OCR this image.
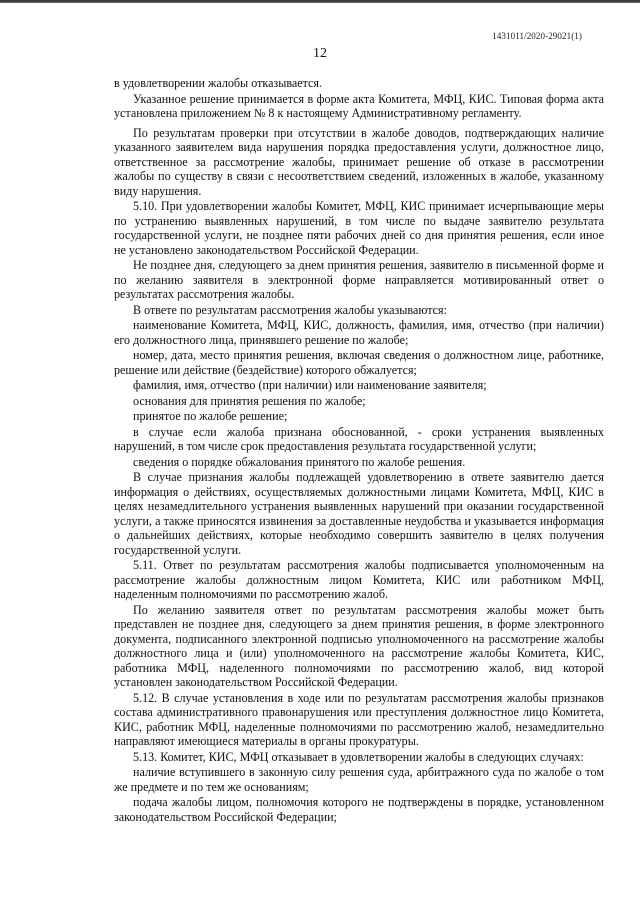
1431011/2020-29021(1)
12

в удовлетворении жалобы отказывается.

Указанное решение принимается в форме акта Комитета, МФЦ, КИС. Типовая форма акта установлена приложением № 8 к настоящему Административному регламенту.

По результатам проверки при отсутствии в жалобе доводов, подтверждающих наличие указанного заявителем вида нарушения порядка предоставления услуги, должностное лицо, ответственное за рассмотрение жалобы, принимает решение об отказе в рассмотрении жалобы по существу в связи с несоответствием сведений, изложенных в жалобе, указанному виду нарушения.

5.10. При удовлетворении жалобы Комитет, МФЦ, КИС принимает исчерпывающие меры по устранению выявленных нарушений, в том числе по выдаче заявителю результата государственной услуги, не позднее пяти рабочих дней со дня принятия решения, если иное не установлено законодательством Российской Федерации.

Не позднее дня, следующего за днем принятия решения, заявителю в письменной форме и по желанию заявителя в электронной форме направляется мотивированный ответ о результатах рассмотрения жалобы.

В ответе по результатам рассмотрения жалобы указываются:

наименование Комитета, МФЦ, КИС, должность, фамилия, имя, отчество (при наличии) его должностного лица, принявшего решение по жалобе;

номер, дата, место принятия решения, включая сведения о должностном лице, работнике, решение или действие (бездействие) которого обжалуется;

фамилия, имя, отчество (при наличии) или наименование заявителя;

основания для принятия решения по жалобе;

принятое по жалобе решение;

в случае если жалоба признана обоснованной, - сроки устранения выявленных нарушений, в том числе срок предоставления результата государственной услуги;

сведения о порядке обжалования принятого по жалобе решения.

В случае признания жалобы подлежащей удовлетворению в ответе заявителю дается информация о действиях, осуществляемых должностными лицами Комитета, МФЦ, КИС в целях незамедлительного устранения выявленных нарушений при оказании государственной услуги, а также приносятся извинения за доставленные неудобства и указывается информация о дальнейших действиях, которые необходимо совершить заявителю в целях получения государственной услуги.

5.11. Ответ по результатам рассмотрения жалобы подписывается уполномоченным на рассмотрение жалобы должностным лицом Комитета, КИС или работником МФЦ, наделенным полномочиями по рассмотрению жалоб.

По желанию заявителя ответ по результатам рассмотрения жалобы может быть представлен не позднее дня, следующего за днем принятия решения, в форме электронного документа, подписанного электронной подписью уполномоченного на рассмотрение жалобы должностного лица и (или) уполномоченного на рассмотрение жалобы Комитета, КИС, работника МФЦ, наделенного полномочиями по рассмотрению жалоб, вид которой установлен законодательством Российской Федерации.

5.12. В случае установления в ходе или по результатам рассмотрения жалобы признаков состава административного правонарушения или преступления должностное лицо Комитета, КИС, работник МФЦ, наделенные полномочиями по рассмотрению жалоб, незамедлительно направляют имеющиеся материалы в органы прокуратуры.

5.13. Комитет, КИС, МФЦ отказывает в удовлетворении жалобы в следующих случаях:

наличие вступившего в законную силу решения суда, арбитражного суда по жалобе о том же предмете и по тем же основаниям;

подача жалобы лицом, полномочия которого не подтверждены в порядке, установленном законодательством Российской Федерации;
